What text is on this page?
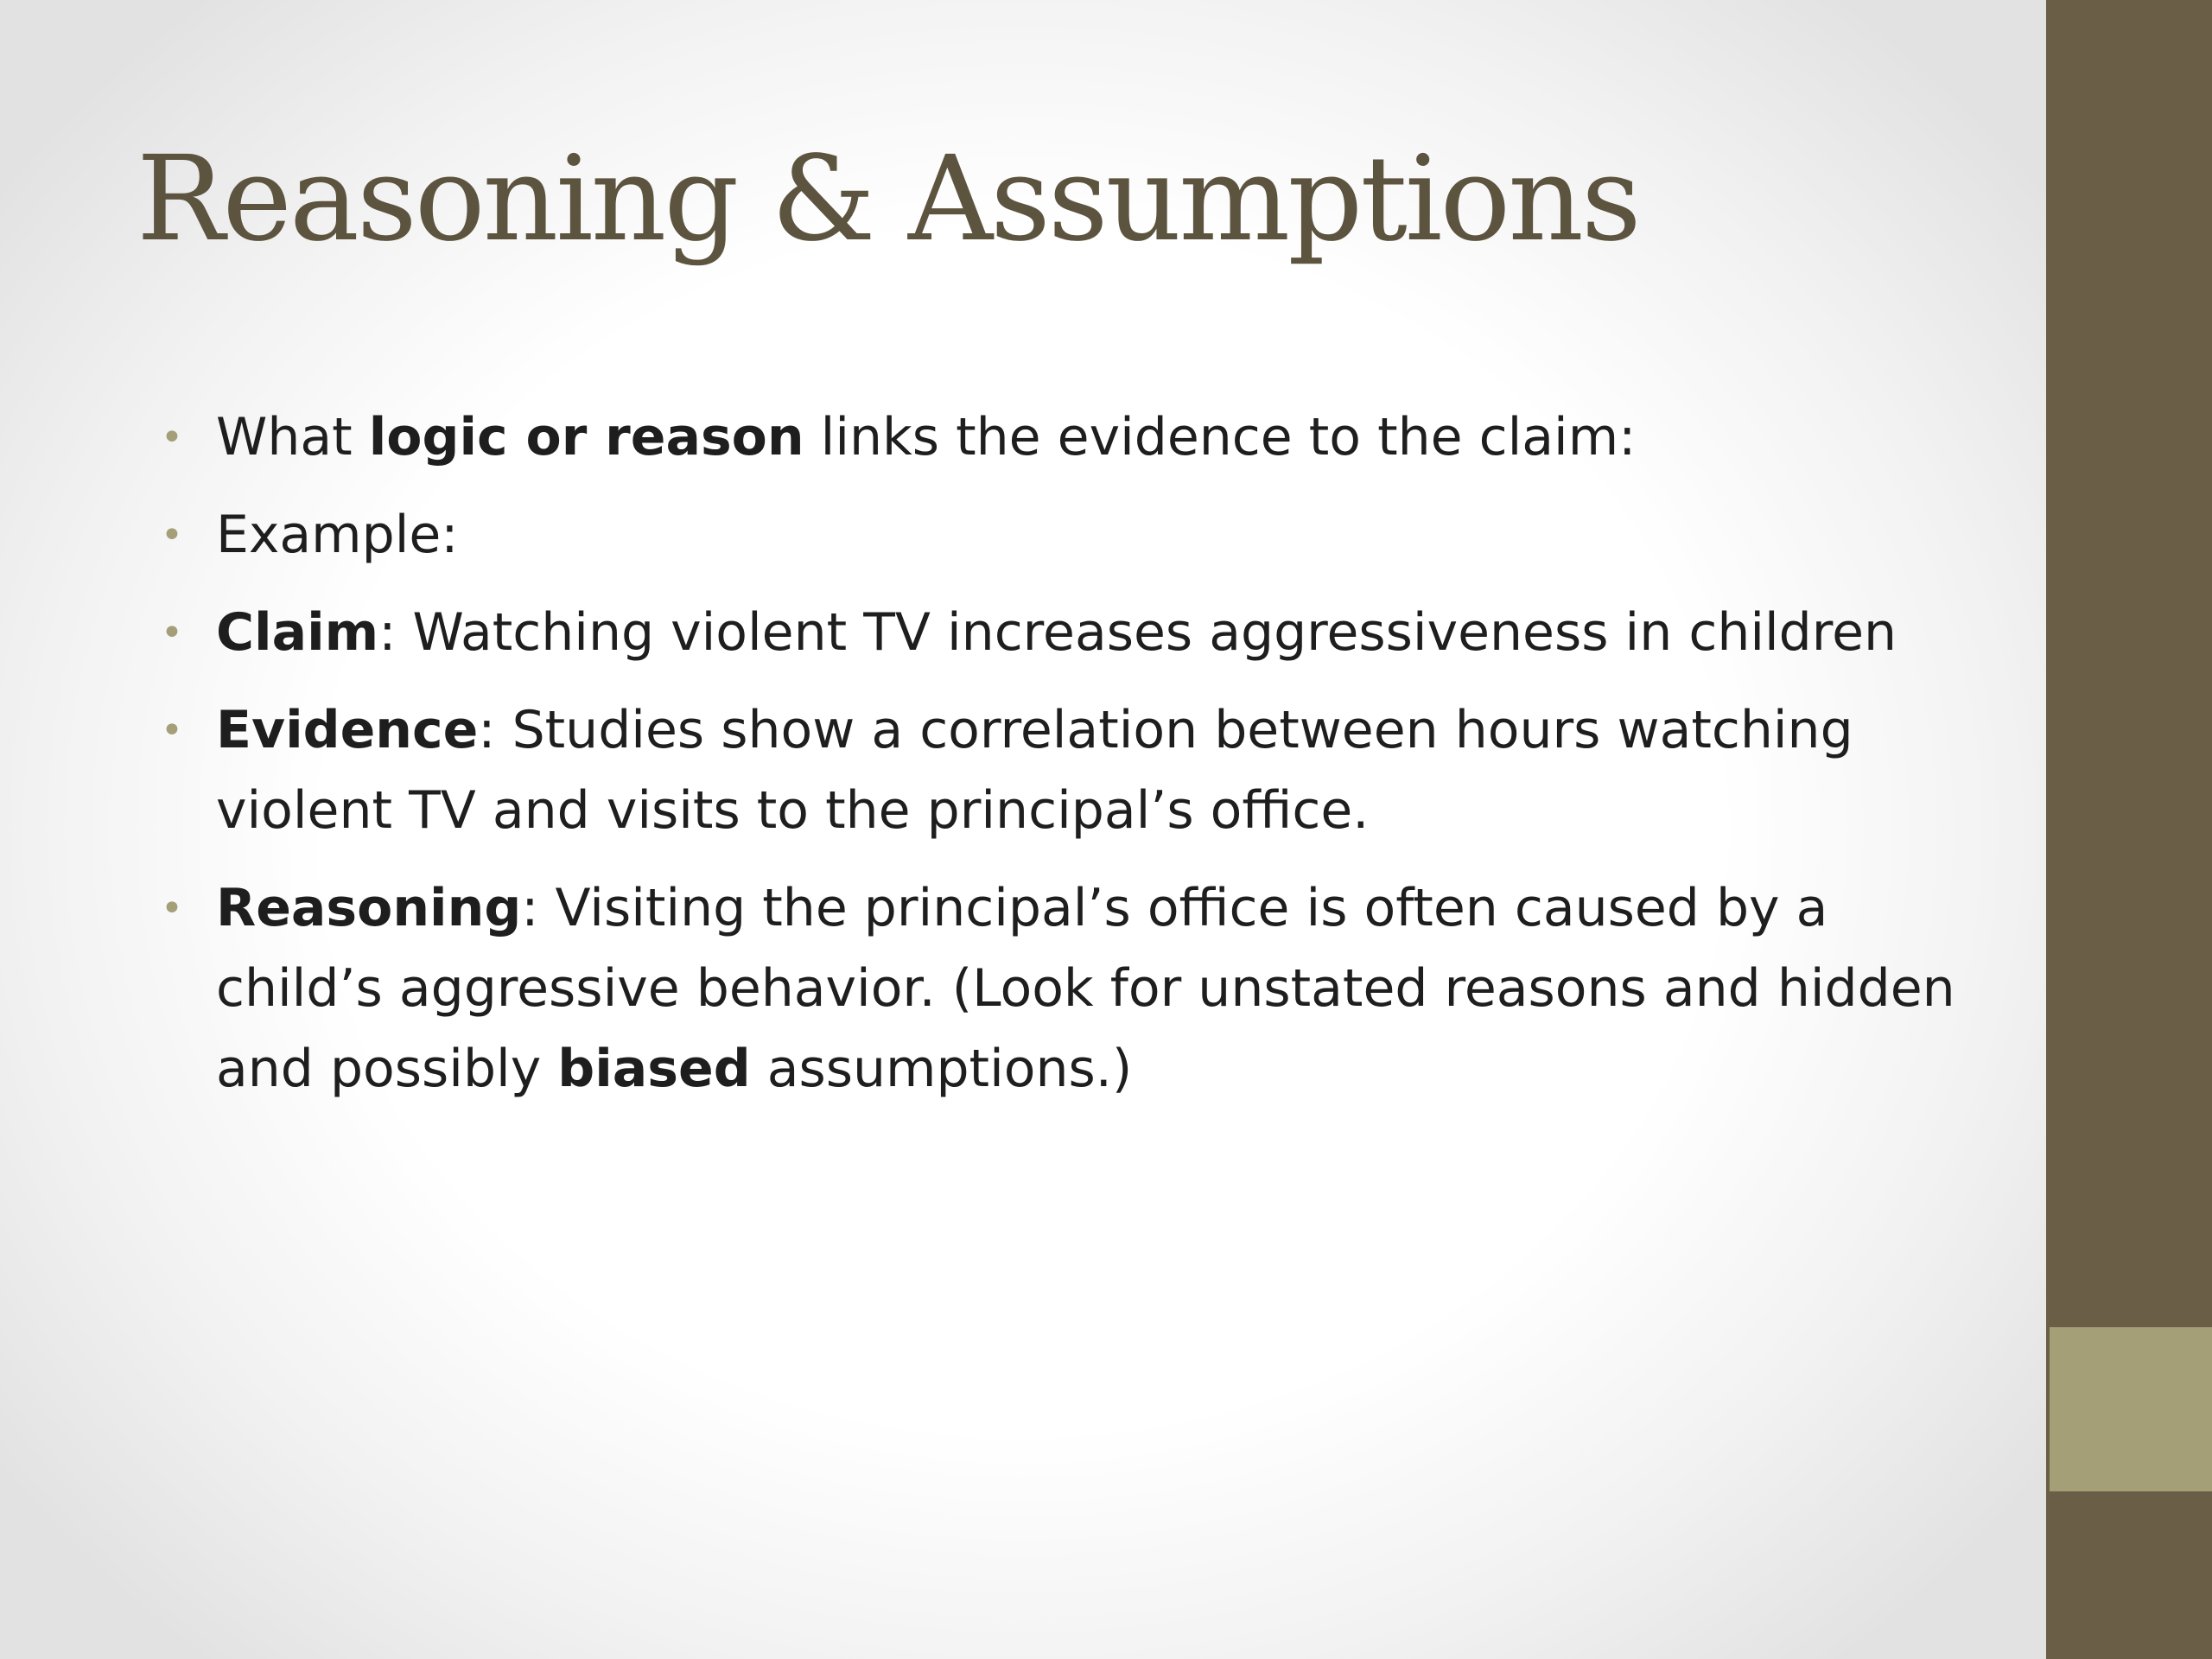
Reasoning & Assumptions
• What logic or reason links the evidence to the claim:
• Example:
• Claim: Watching violent TV increases aggressiveness in children
• Evidence: Studies show a correlation between hours watching violent TV and visits to the principal’s office.
• Reasoning: Visiting the principal’s office is often caused by a child’s aggressive behavior. (Look for unstated reasons and hidden and possibly biased assumptions.)
